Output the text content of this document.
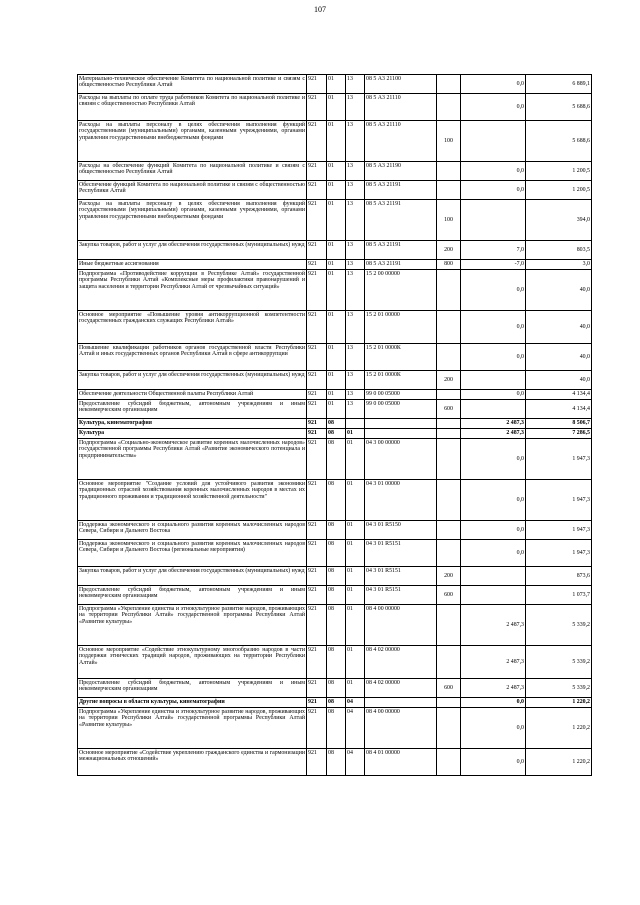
107
Материально-техническое обеспечение Комитета по национальной политике и связям с общественностью Республики Алтай	921	01	13	08 5 А3 21100		0,0	6 889,1
Расходы на выплаты по оплате труда работников Комитета по национальной политике и связям с общественностью Республики Алтай	921	01	13	08 5 А3 21110		0,0	5 688,6
Расходы на выплаты персоналу в целях обеспечения выполнения функций государственными (муниципальными) органами, казенными учреждениями, органами управления государственными внебюджетными фондами	921	01	13	08 5 А3 21110	100		5 688,6
Расходы на обеспечение функций Комитета по национальной политике и связям с общественностью Республики Алтай	921	01	13	08 5 А3 21190		0,0	1 200,5
Обеспечение функций Комитета по национальной политике и связям с общественностью Республики Алтай	921	01	13	08 5 А3 21191		0,0	1 200,5
Расходы на выплаты персоналу в целях обеспечения выполнения функций государственными (муниципальными) органами, казенными учреждениями, органами управления государственными внебюджетными фондами	921	01	13	08 5 А3 21191	100		394,0
Закупка товаров, работ и услуг для обеспечения государственных (муниципальных) нужд	921	01	13	08 5 А3 21191	200	7,0	803,5
Иные бюджетные ассигнования	921	01	13	08 5 А3 21191	800	-7,0	3,0
Подпрограмма «Противодействие коррупции в Республике Алтай» государственной программы Республики Алтай «Комплексные меры профилактики правонарушений и защита населения и территории Республики Алтай от чрезвычайных ситуаций»	921	01	13	15 2 00 00000		0,0	40,0
Основное мероприятие «Повышение уровня антикоррупционной компетентности государственных гражданских служащих Республики Алтай»	921	01	13	15 2 01 00000		0,0	40,0
Повышение квалификации работников органов государственной власти Республики Алтай и иных государственных органов Республики Алтай в сфере антикоррупции	921	01	13	15 2 01 0000К		0,0	40,0
Закупка товаров, работ и услуг для обеспечения государственных (муниципальных) нужд	921	01	13	15 2 01 0000К	200		40,0
Обеспечение деятельности Общественной палаты Республики Алтай	921	01	13	99 0 00 05000		0,0	4 134,4
Предоставление субсидий бюджетным, автономным учреждениям и иным некоммерческим организациям	921	01	13	99 0 00 05000	600		4 134,4
Культура, кинематография	921	08				2 487,3	8 506,7
Культура	921	08	01			2 487,3	7 286,5
Подпрограмма «Социально-экономическое развитие коренных малочисленных народов» государственной программы Республики Алтай «Развитие экономического потенциала и предпринимательства»	921	08	01	04 3 00 00000		0,0	1 947,3
Основное мероприятие "Создание условий для устойчивого развития экономики традиционных отраслей хозяйствования коренных малочисленных народов в местах их традиционного проживания и традиционной хозяйственной деятельности"	921	08	01	04 3 01 00000		0,0	1 947,3
Поддержка экономического и социального развития коренных малочисленных народов Севера, Сибири и Дальнего Востока	921	08	01	04 3 01 R5150		0,0	1 947,3
Поддержка экономического и социального развития коренных малочисленных народов Севера, Сибири и Дальнего Востока (региональные мероприятия)	921	08	01	04 3 01 R5151		0,0	1 947,3
Закупка товаров, работ и услуг для обеспечения государственных (муниципальных) нужд	921	08	01	04 3 01 R5151	200		873,6
Предоставление субсидий бюджетным, автономным учреждениям и иным некоммерческим организациям	921	08	01	04 3 01 R5151	600		1 073,7
Подпрограмма «Укрепление единства и этнокультурное развитие народов, проживающих на территории Республики Алтай» государственной программы Республики Алтай «Развитие культуры»	921	08	01	08 4 00 00000		2 487,3	5 339,2
Основное мероприятие «Содействие этнокультурному многообразию народов в части поддержки этнических традиций народов, проживающих на территории Республики Алтай»	921	08	01	08 4 02 00000		2 487,3	5 339,2
Предоставление субсидий бюджетным, автономным учреждениям и иным некоммерческим организациям	921	08	01	08 4 02 00000	600	2 487,3	5 339,2
Другие вопросы в области культуры, кинематографии	921	08	04			0,0	1 220,2
Подпрограмма «Укрепление единства и этнокультурное развитие народов, проживающих на территории Республики Алтай» государственной программы Республики Алтай «Развитие культуры»	921	08	04	08 4 00 00000		0,0	1 220,2
Основное мероприятие «Содействие укреплению гражданского единства и гармонизации межнациональных отношений»	921	08	04	08 4 01 00000		0,0	1 220,2
